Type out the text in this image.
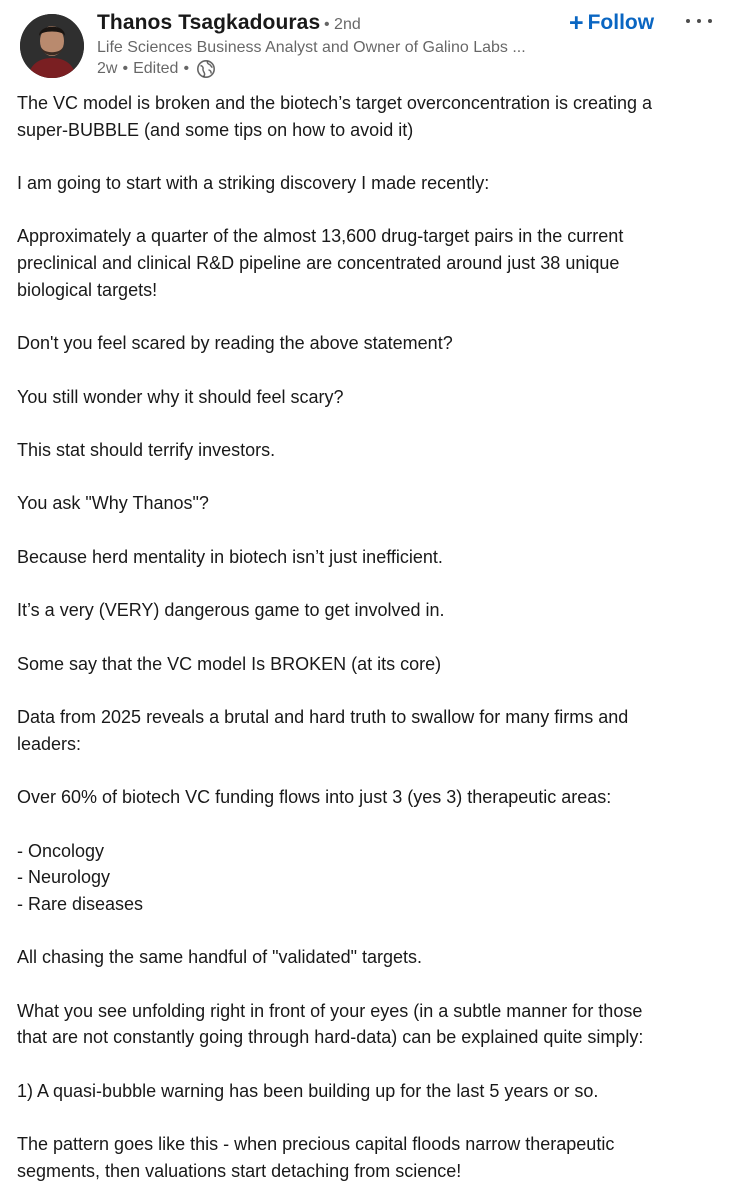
Thanos Tsagkadouras • 2nd
Life Sciences Business Analyst and Owner of Galino Labs ...
2w • Edited •
+ Follow
The VC model is broken and the biotech’s target overconcentration is creating a
super-BUBBLE (and some tips on how to avoid it)
I am going to start with a striking discovery I made recently:
Approximately a quarter of the almost 13,600 drug-target pairs in the current
preclinical and clinical R&D pipeline are concentrated around just 38 unique
biological targets!
Don't you feel scared by reading the above statement?
You still wonder why it should feel scary?
This stat should terrify investors.
You ask "Why Thanos"?
Because herd mentality in biotech isn’t just inefficient.
It’s a very (VERY) dangerous game to get involved in.
Some say that the VC model Is BROKEN (at its core)
Data from 2025 reveals a brutal and hard truth to swallow for many firms and
leaders:
Over 60% of biotech VC funding flows into just 3 (yes 3) therapeutic areas:
- Oncology
- Neurology
- Rare diseases
All chasing the same handful of "validated" targets.
What you see unfolding right in front of your eyes (in a subtle manner for those
that are not constantly going through hard-data) can be explained quite simply:
1) A quasi-bubble warning has been building up for the last 5 years or so.
The pattern goes like this - when precious capital floods narrow therapeutic
segments, then valuations start detaching from science!
